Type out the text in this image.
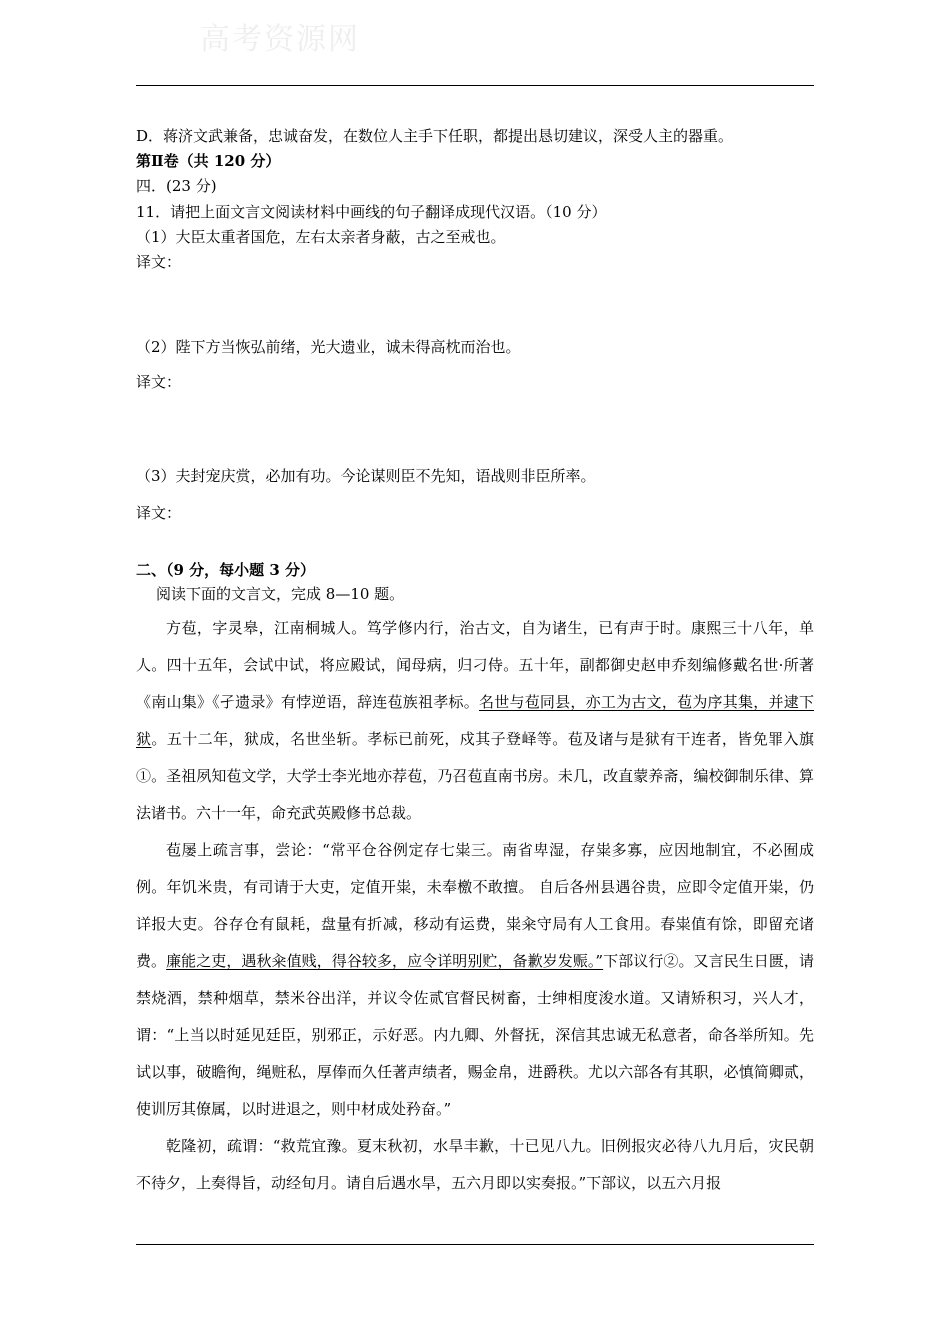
高考资源网
D．蒋济文武兼备，忠诚奋发，在数位人主手下任职，都提出恳切建议，深受人主的器重。
第Ⅱ卷（共 120 分）
四．(23 分)
11．请把上面文言文阅读材料中画线的句子翻译成现代汉语。（10 分）
（1）大臣太重者国危，左右太亲者身蔽，古之至戒也。
译文：
（2）陛下方当恢弘前绪，光大遗业，诚未得高枕而治也。
译文：
（3）夫封宠庆赏，必加有功。今论谋则臣不先知，语战则非臣所率。
译文：
二、（9 分，每小题 3 分）
阅读下面的文言文，完成 8—10 题。

方苞，字灵皋，江南桐城人。笃学修内行，治古文，自为诸生，已有声于时。康熙三十八年，单人。四十五年，会试中试，将应殿试，闻母病，归刁侍。五十年，副都御史赵申乔刻编修戴名世·所著《南山集》《孑遗录》有悖逆语，辞连苞族祖孝标。名世与苞同县，亦工为古文，苞为序其集，并逮下狱。五十二年，狱成，名世坐斩。孝标已前死，戍其子登峄等。苞及诸与是狱有干连者，皆免罪入旗①。圣祖夙知苞文学，大学士李光地亦荐苞，乃召苞直南书房。未几，改直蒙养斋，编校御制乐律、算法诸书。六十一年，命充武英殿修书总裁。

苞屡上疏言事，尝论：“常平仓谷例定存七粜三。南省卑湿，存粜多寡，应因地制宜，不必囿成例。年饥米贵，有司请于大吏，定值开粜，未奉檄不敢擅。 自后各州县遇谷贵，应即令定值开粜，仍详报大吏。谷存仓有鼠耗，盘量有折减，移动有运费，粜籴守局有人工食用。春粜值有馀，即留充诸费。廉能之吏，遇秋籴值贱，得谷较多，应令详明别贮，备歉岁发赈。”下部议行②。又言民生日匮，请禁烧酒，禁种烟草，禁米谷出洋，并议令佐贰官督民树畜，士绅相度浚水道。又请矫积习，兴人才，谓：“上当以时延见廷臣，别邪正，示好恶。内九卿、外督抚，深信其忠诚无私意者，命各举所知。先试以事，破瞻徇，绳赃私，厚俸而久任著声绩者，赐金帛，进爵秩。尤以六部各有其职，必慎简卿贰，使训厉其僚属，以时进退之，则中材成处矜奋。”

乾隆初，疏谓：“救荒宜豫。夏末秋初，水旱丰歉，十已见八九。旧例报灾必待八九月后，灾民朝不待夕，上奏得旨，动经旬月。请自后遇水旱，五六月即以实奏报。”下部议，以五六月报
